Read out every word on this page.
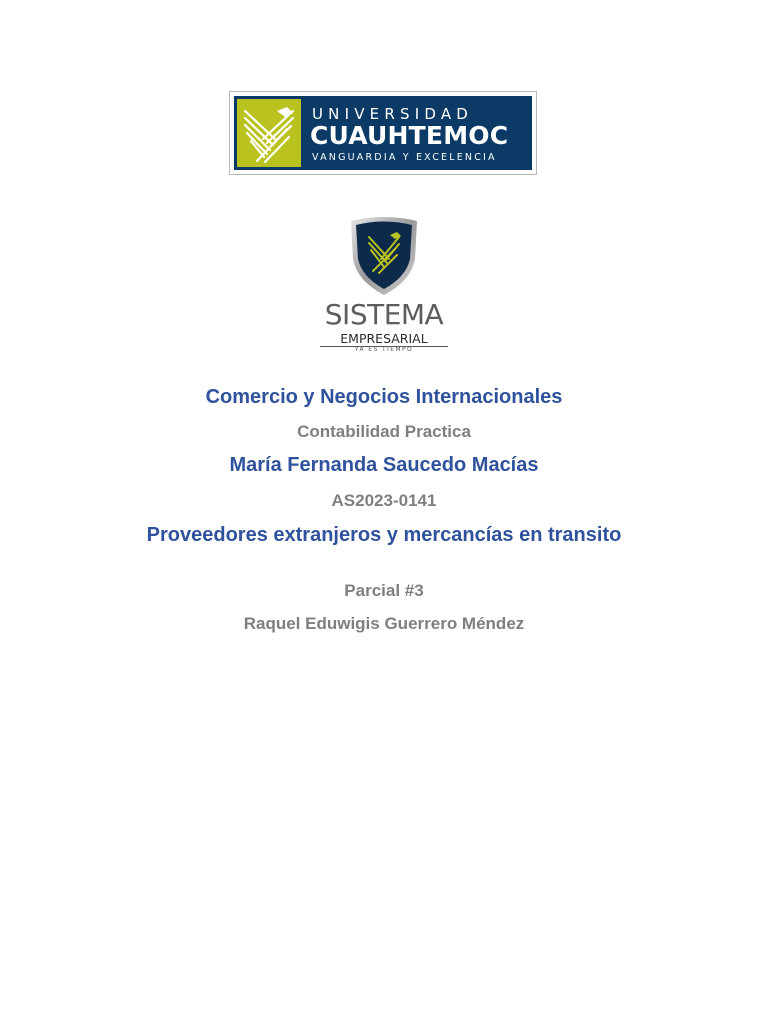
UNIVERSIDAD
CUAUHTEMOC
VANGUARDIA Y EXCELENCIA
SISTEMA
EMPRESARIAL
YA ES TIEMPO
Comercio y Negocios Internacionales
Contabilidad Practica
María Fernanda Saucedo Macías
AS2023-0141
Proveedores extranjeros y mercancías en transito
Parcial #3
Raquel Eduwigis Guerrero Méndez
